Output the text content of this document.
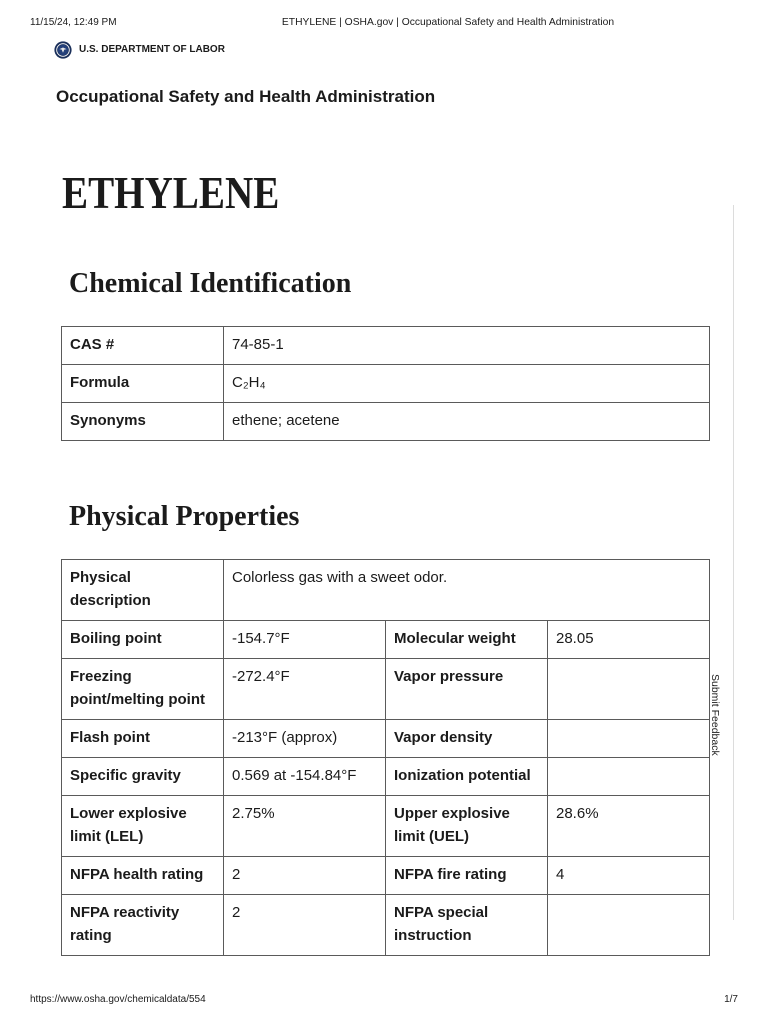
11/15/24, 12:49 PM	ETHYLENE | OSHA.gov | Occupational Safety and Health Administration
U.S. DEPARTMENT OF LABOR
Occupational Safety and Health Administration
ETHYLENE
Chemical Identification
CAS #	74-85-1
Formula	C₂H₄
Synonyms	ethene; acetene
Physical Properties
Physical description	Colorless gas with a sweet odor.		
Boiling point	-154.7°F	Molecular weight	28.05
Freezing point/melting point	-272.4°F	Vapor pressure	
Flash point	-213°F (approx)	Vapor density	
Specific gravity	0.569 at -154.84°F	Ionization potential	
Lower explosive limit (LEL)	2.75%	Upper explosive limit (UEL)	28.6%
NFPA health rating	2	NFPA fire rating	4
NFPA reactivity rating	2	NFPA special instruction	
Submit Feedback
https://www.osha.gov/chemicaldata/554	1/7
